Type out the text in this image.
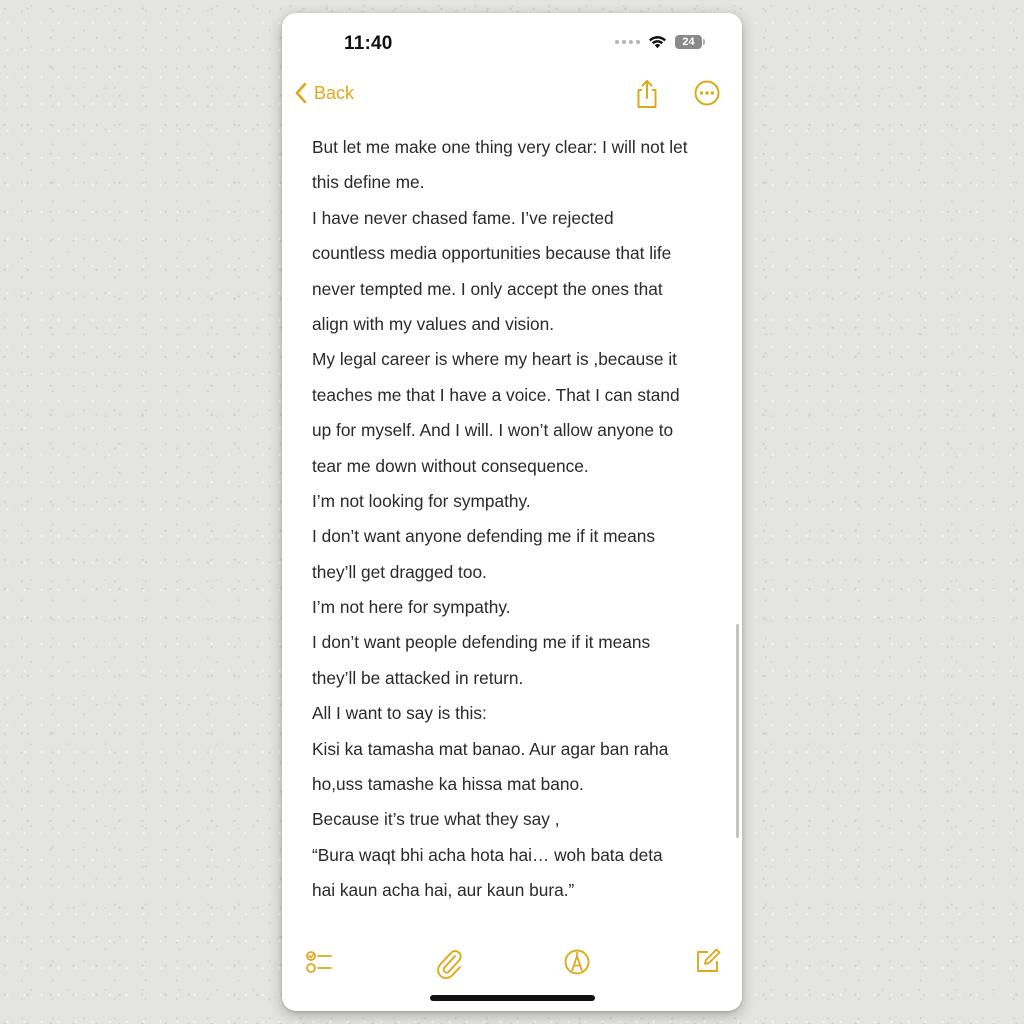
11:40	24
Back
But let me make one thing very clear: I will not let
this define me.
I have never chased fame. I’ve rejected
countless media opportunities because that life
never tempted me. I only accept the ones that
align with my values and vision.
My legal career is where my heart is ,because it
teaches me that I have a voice. That I can stand
up for myself. And I will. I won’t allow anyone to
tear me down without consequence.
I’m not looking for sympathy.
I don’t want anyone defending me if it means
they’ll get dragged too.
I’m not here for sympathy.
I don’t want people defending me if it means
they’ll be attacked in return.
All I want to say is this:
Kisi ka tamasha mat banao. Aur agar ban raha
ho,uss tamashe ka hissa mat bano.
Because it’s true what they say ,
“Bura waqt bhi acha hota hai… woh bata deta
hai kaun acha hai, aur kaun bura.”
